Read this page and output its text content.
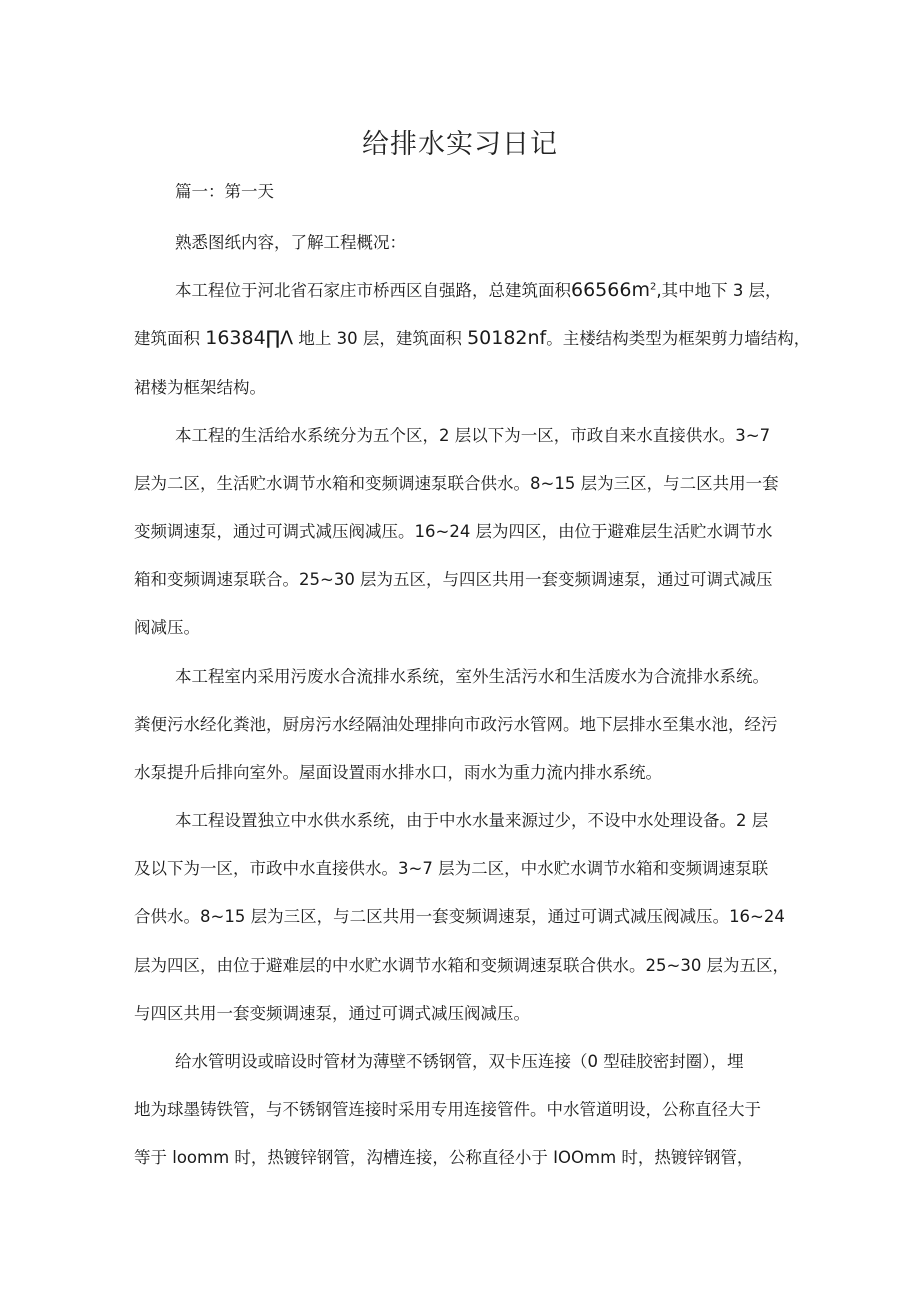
给排水实习日记
篇一：第一天
熟悉图纸内容，了解工程概况：
本工程位于河北省石家庄市桥西区自强路，总建筑面积$66566m^2$,其中地下 3 层，
建筑面积 16384∏Λ 地上 30 层，建筑面积 50182nf。主楼结构类型为框架剪力墙结构，
裙楼为框架结构。
本工程的生活给水系统分为五个区，2 层以下为一区，市政自来水直接供水。3~7
层为二区，生活贮水调节水箱和变频调速泵联合供水。8~15 层为三区，与二区共用一套
变频调速泵，通过可调式减压阀减压。16~24 层为四区，由位于避难层生活贮水调节水
箱和变频调速泵联合。25~30 层为五区，与四区共用一套变频调速泵，通过可调式减压
阀减压。
本工程室内采用污废水合流排水系统，室外生活污水和生活废水为合流排水系统。
粪便污水经化粪池，厨房污水经隔油处理排向市政污水管网。地下层排水至集水池，经污
水泵提升后排向室外。屋面设置雨水排水口，雨水为重力流内排水系统。
本工程设置独立中水供水系统，由于中水水量来源过少，不设中水处理设备。2 层
及以下为一区，市政中水直接供水。3~7 层为二区，中水贮水调节水箱和变频调速泵联
合供水。8~15 层为三区，与二区共用一套变频调速泵，通过可调式减压阀减压。16~24
层为四区，由位于避难层的中水贮水调节水箱和变频调速泵联合供水。25~30 层为五区，
与四区共用一套变频调速泵，通过可调式减压阀减压。
给水管明设或暗设时管材为薄壁不锈钢管，双卡压连接（0 型硅胶密封圈），埋
地为球墨铸铁管，与不锈钢管连接时采用专用连接管件。中水管道明设，公称直径大于
等于 loomm 时，热镀锌钢管，沟槽连接，公称直径小于 IOOmm 时，热镀锌钢管，
